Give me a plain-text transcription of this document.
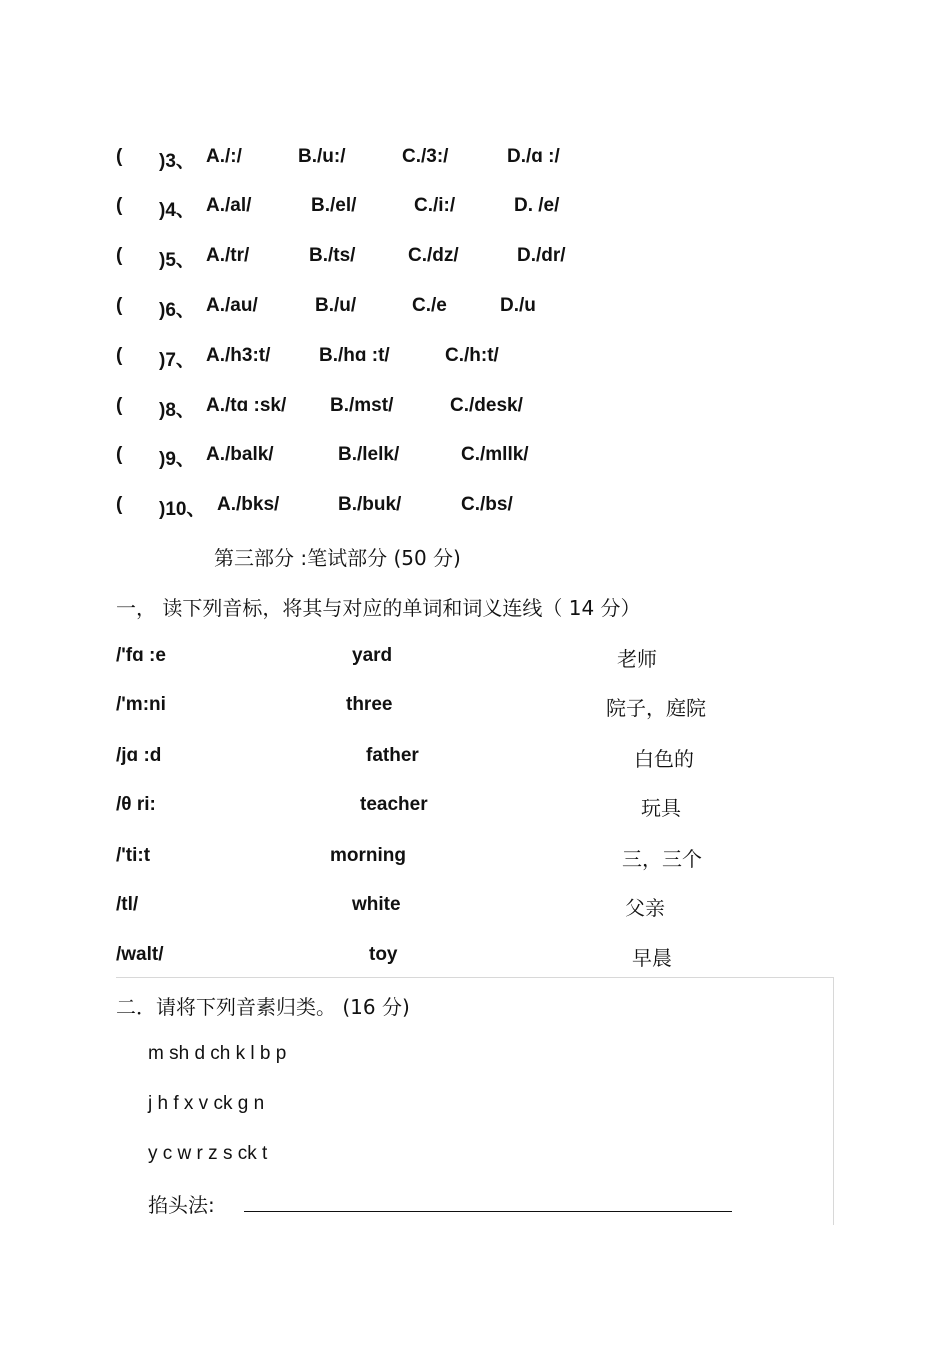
( )3、 A./:/	B./u:/	C./3:/	D./ɑ :/
( )4、 A./al/	B./el/	C./i:/	D. /e/
( )5、 A./tr/	B./ts/	C./dz/	D./dr/
( )6、 A./au/	B./u/	C./e	D./u
( )7、 A./h3:t/	B./hɑ :t/	C./h:t/
( )8、 A./tɑ :sk/ B./mst/	C./desk/
( )9、 A./balk/	B./lelk/	C./mllk/
( )10、 A./bks/	B./buk/	C./bs/
第三部分 :笔试部分 (50 分)
一， 读下列音标，将其与对应的单词和词义连线（ 14 分）
/'fɑ :e	yard	老师
/'m:ni	three	院子，庭院
/jɑ :d	father	白色的
/θ ri:	teacher	玩具
/'ti:t	morning	三，三个
/tl/	white	父亲
/walt/	toy	早晨
二．请将下列音素归类。 (16 分)
m sh d ch k l b p
j h f x v ck g n
y c w r z s ck t
掐头法:
